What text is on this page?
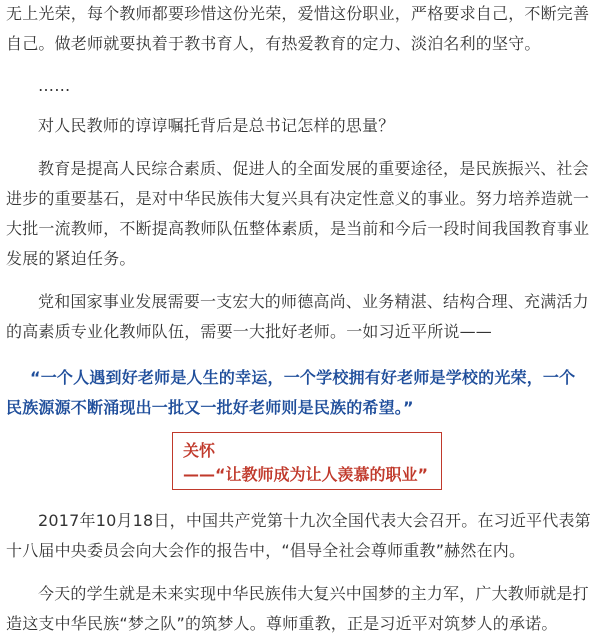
无上光荣，每个教师都要珍惜这份光荣，爱惜这份职业，严格要求自己，不断完善
自己。做老师就要执着于教书育人，有热爱教育的定力、淡泊名利的坚守。
……
对人民教师的谆谆嘱托背后是总书记怎样的思量？
教育是提高人民综合素质、促进人的全面发展的重要途径，是民族振兴、社会
进步的重要基石，是对中华民族伟大复兴具有决定性意义的事业。努力培养造就一
大批一流教师，不断提高教师队伍整体素质，是当前和今后一段时间我国教育事业
发展的紧迫任务。
党和国家事业发展需要一支宏大的师德高尚、业务精湛、结构合理、充满活力
的高素质专业化教师队伍，需要一大批好老师。一如习近平所说——
“一个人遇到好老师是人生的幸运，一个学校拥有好老师是学校的光荣，一个
民族源源不断涌现出一批又一批好老师则是民族的希望。”
关怀
——“让教师成为让人羡慕的职业”
2017年10月18日，中国共产党第十九次全国代表大会召开。在习近平代表第
十八届中央委员会向大会作的报告中，“倡导全社会尊师重教”赫然在内。
今天的学生就是未来实现中华民族伟大复兴中国梦的主力军，广大教师就是打
造这支中华民族“梦之队”的筑梦人。尊师重教，正是习近平对筑梦人的承诺。
